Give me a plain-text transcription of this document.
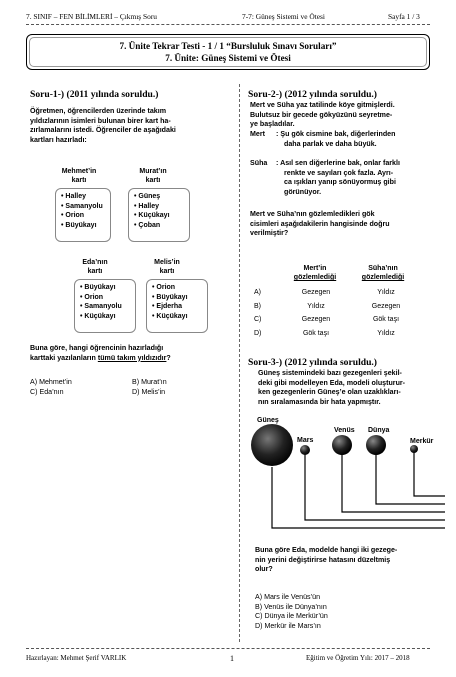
7. SINIF – FEN BİLİMLERİ – Çıkmış Soru	7-7: Güneş Sistemi ve Ötesi	Sayfa 1 / 3
7. Ünite Tekrar Testi - 1 / 1 “Bursluluk Sınavı Soruları”
7. Ünite: Güneş Sistemi ve Ötesi
Soru-1-) (2011 yılında soruldu.)
Öğretmen, öğrencilerden üzerinde takım
yıldızlarının isimleri bulunan birer kart ha-
zırlamalarını istedi. Öğrenciler de aşağıdaki
kartları hazırladı:
Mehmet’in
kartı
• Halley
• Samanyolu
• Orion
• Büyükayı
Murat’ın
kartı
• Güneş
• Halley
• Küçükayı
• Çoban
Eda’nın
kartı
• Büyükayı
• Orion
• Samanyolu
• Küçükayı
Melis’in
kartı
• Orion
• Büyükayı
• Ejderha
• Küçükayı
Buna göre, hangi öğrencinin hazırladığı
karttaki yazılanların tümü takım yıldızıdır?
A) Mehmet’in	B) Murat’ın
C) Eda’nın	D) Melis’in
Soru-2-) (2012 yılında soruldu.)
Mert ve Süha yaz tatilinde köye gitmişlerdi.
Bulutsuz bir gecede gökyüzünü seyretme-
ye başladılar.
Mert : Şu gök cismine bak, diğerlerinden
daha parlak ve daha büyük.
Süha : Asıl sen diğerlerine bak, onlar farklı
renkte ve sayıları çok fazla. Ayrı-
ca ışıkları yanıp sönüyormuş gibi
görünüyor.
Mert ve Süha’nın gözlemledikleri gök
cisimleri aşağıdakilerin hangisinde doğru
verilmiştir?
Mert’in
gözlemlediği
Süha’nın
gözlemlediği
A)	Gezegen	Yıldız
B)	Yıldız	Gezegen
C)	Gezegen	Gök taşı
D)	Gök taşı	Yıldız
Soru-3-) (2012 yılında soruldu.)
Güneş sistemindeki bazı gezegenleri şekil-
deki gibi modelleyen Eda, modeli oluşturur-
ken gezegenlerin Güneş’e olan uzaklıkları-
nın sıralamasında bir hata yapmıştır.
Güneş
Mars
Venüs Dünya
Merkür
Buna göre Eda, modelde hangi iki gezege-
nin yerini değiştirirse hatasını düzeltmiş
olur?
A) Mars ile Venüs’ün
B) Venüs ile Dünya’nın
C) Dünya ile Merkür’ün
D) Merkür ile Mars’ın
Hazırlayan: Mehmet Şerif VARLIK	1	Eğitim ve Öğretim Yılı: 2017 – 2018
